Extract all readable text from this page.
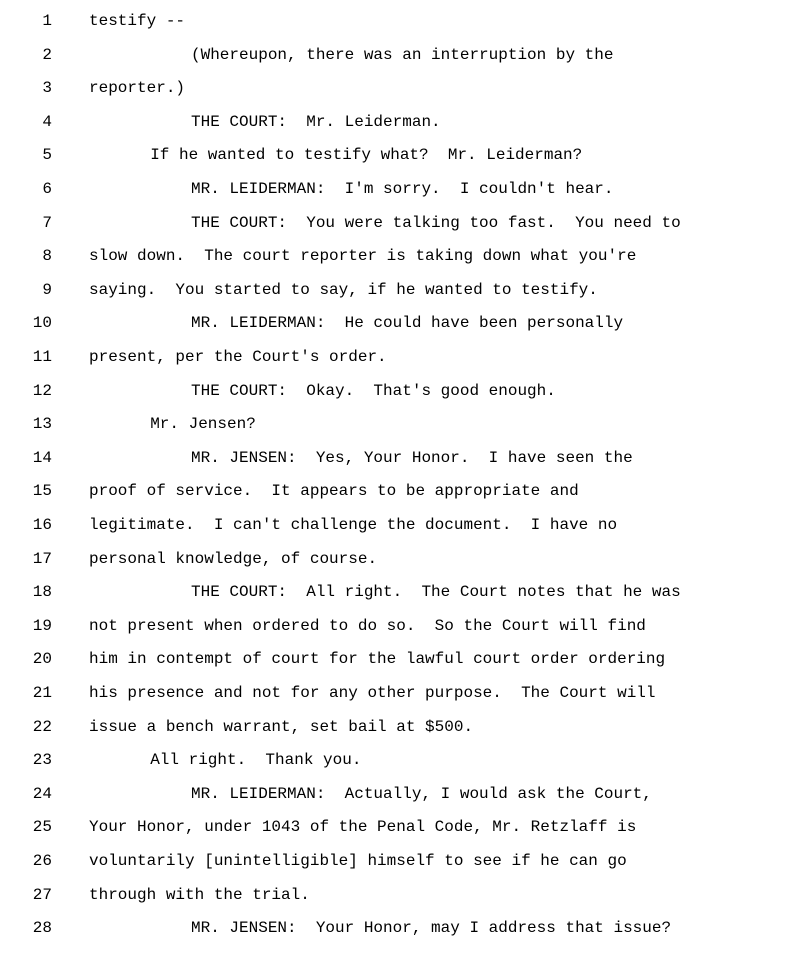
1 testify --
2	(Whereupon, there was an interruption by the
3 reporter.)
4	THE COURT:  Mr. Leiderman.
5	If he wanted to testify what?  Mr. Leiderman?
6	MR. LEIDERMAN:  I'm sorry.  I couldn't hear.
7	THE COURT:  You were talking too fast.  You need to
8 slow down.  The court reporter is taking down what you're
9 saying.  You started to say, if he wanted to testify.
10	MR. LEIDERMAN:  He could have been personally
11 present, per the Court's order.
12	THE COURT:  Okay.  That's good enough.
13	Mr. Jensen?
14	MR. JENSEN:  Yes, Your Honor.  I have seen the
15 proof of service.  It appears to be appropriate and
16 legitimate.  I can't challenge the document.  I have no
17 personal knowledge, of course.
18	THE COURT:  All right.  The Court notes that he was
19 not present when ordered to do so.  So the Court will find
20 him in contempt of court for the lawful court order ordering
21 his presence and not for any other purpose.  The Court will
22 issue a bench warrant, set bail at $500.
23	All right.  Thank you.
24	MR. LEIDERMAN:  Actually, I would ask the Court,
25 Your Honor, under 1043 of the Penal Code, Mr. Retzlaff is
26 voluntarily [unintelligible] himself to see if he can go
27 through with the trial.
28	MR. JENSEN:  Your Honor, may I address that issue?
